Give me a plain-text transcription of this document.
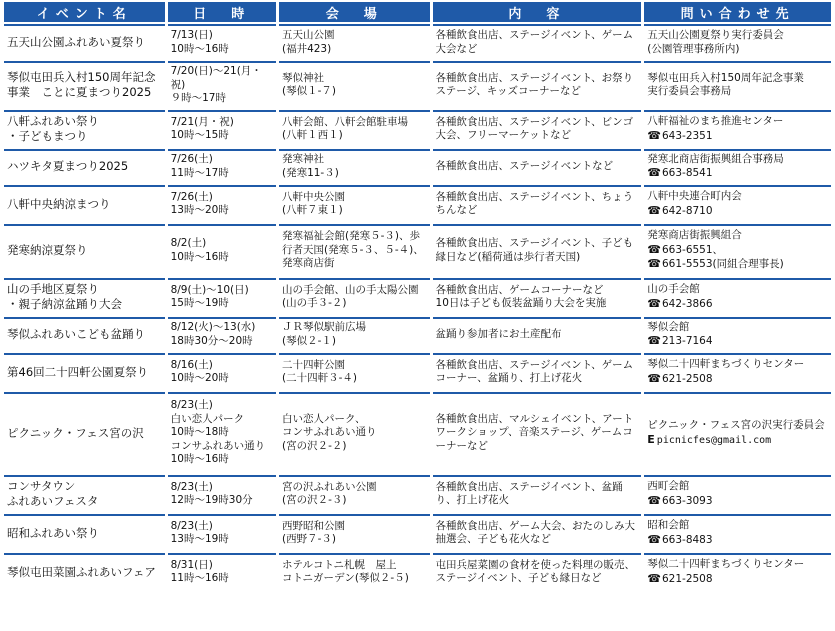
イベント名	日　時	会　場	内　容	問い合わせ先
五天山公園ふれあい夏祭り	7/13(日)
10時～16時	五天山公園
(福井423)	各種飲食出店、ステージイベント、ゲーム大会など	五天山公園夏祭り実行委員会
(公園管理事務所内)

琴似屯田兵入村150周年記念事業　ことに夏まつり2025	7/20(日)～21(月・祝)
９時～17時	琴似神社
(琴似１-７)	各種飲食出店、ステージイベント、お祭りステージ、キッズコーナーなど	琴似屯田兵入村150周年記念事業
実行委員会事務局

八軒ふれあい祭り
・子どもまつり	7/21(月・祝)
10時～15時	八軒会館、八軒会館駐車場
(八軒１西１)	各種飲食出店、ステージイベント、ビンゴ大会、フリーマーケットなど	八軒福祉のまち推進センター
☎643-2351

ハツキタ夏まつり2025	7/26(土)
11時～17時	発寒神社
(発寒11-３)	各種飲食出店、ステージイベントなど	発寒北商店街振興組合事務局
☎663-8541

八軒中央納涼まつり	7/26(土)
13時～20時	八軒中央公園
(八軒７東１)	各種飲食出店、ステージイベント、ちょうちんなど	八軒中央連合町内会
☎642-8710

発寒納涼夏祭り	8/2(土)
10時～16時	発寒福祉会館(発寒５-３)、歩行者天国(発寒５-３、５-４)、発寒商店街	各種飲食出店、ステージイベント、子ども縁日など(稲荷通は歩行者天国)	発寒商店街振興組合
☎663-6551、
☎661-5553(同組合理事長)

山の手地区夏祭り
・親子納涼盆踊り大会	8/9(土)～10(日)
15時～19時	山の手会館、山の手太陽公園
(山の手３-２)	各種飲食出店、ゲームコーナーなど
10日は子ども仮装盆踊り大会を実施	山の手会館
☎642-3866

琴似ふれあいこども盆踊り	8/12(火)～13(水)
18時30分～20時	ＪＲ琴似駅前広場
(琴似２-１)	盆踊り参加者にお土産配布	琴似会館
☎213-7164

第46回二十四軒公園夏祭り	8/16(土)
10時～20時	二十四軒公園
(二十四軒３-４)	各種飲食出店、ステージイベント、ゲームコーナー、盆踊り、打上げ花火	琴似二十四軒まちづくりセンター
☎621-2508

ピクニック・フェス宮の沢	8/23(土)
白い恋人パーク
10時～18時
コンサふれあい通り
10時～16時	白い恋人パーク、
コンサふれあい通り
(宮の沢２-２)	各種飲食出店、マルシェイベント、アートワークショップ、音楽ステージ、ゲームコーナーなど	ピクニック・フェス宮の沢実行委員会
E picnicfes@gmail.com

コンサタウン
ふれあいフェスタ	8/23(土)
12時～19時30分	宮の沢ふれあい公園
(宮の沢２-３)	各種飲食出店、ステージイベント、盆踊り、打上げ花火	西町会館
☎663-3093

昭和ふれあい祭り	8/23(土)
13時～19時	西野昭和公園
(西野７-３)	各種飲食出店、ゲーム大会、おたのしみ大抽選会、子ども花火など	昭和会館
☎663-8483

琴似屯田菜園ふれあいフェア	8/31(日)
11時～16時	ホテルコトニ札幌　屋上
コトニガーデン(琴似２-５)	屯田兵屋菜園の食材を使った料理の販売、ステージイベント、子ども縁日など	琴似二十四軒まちづくりセンター
☎621-2508
